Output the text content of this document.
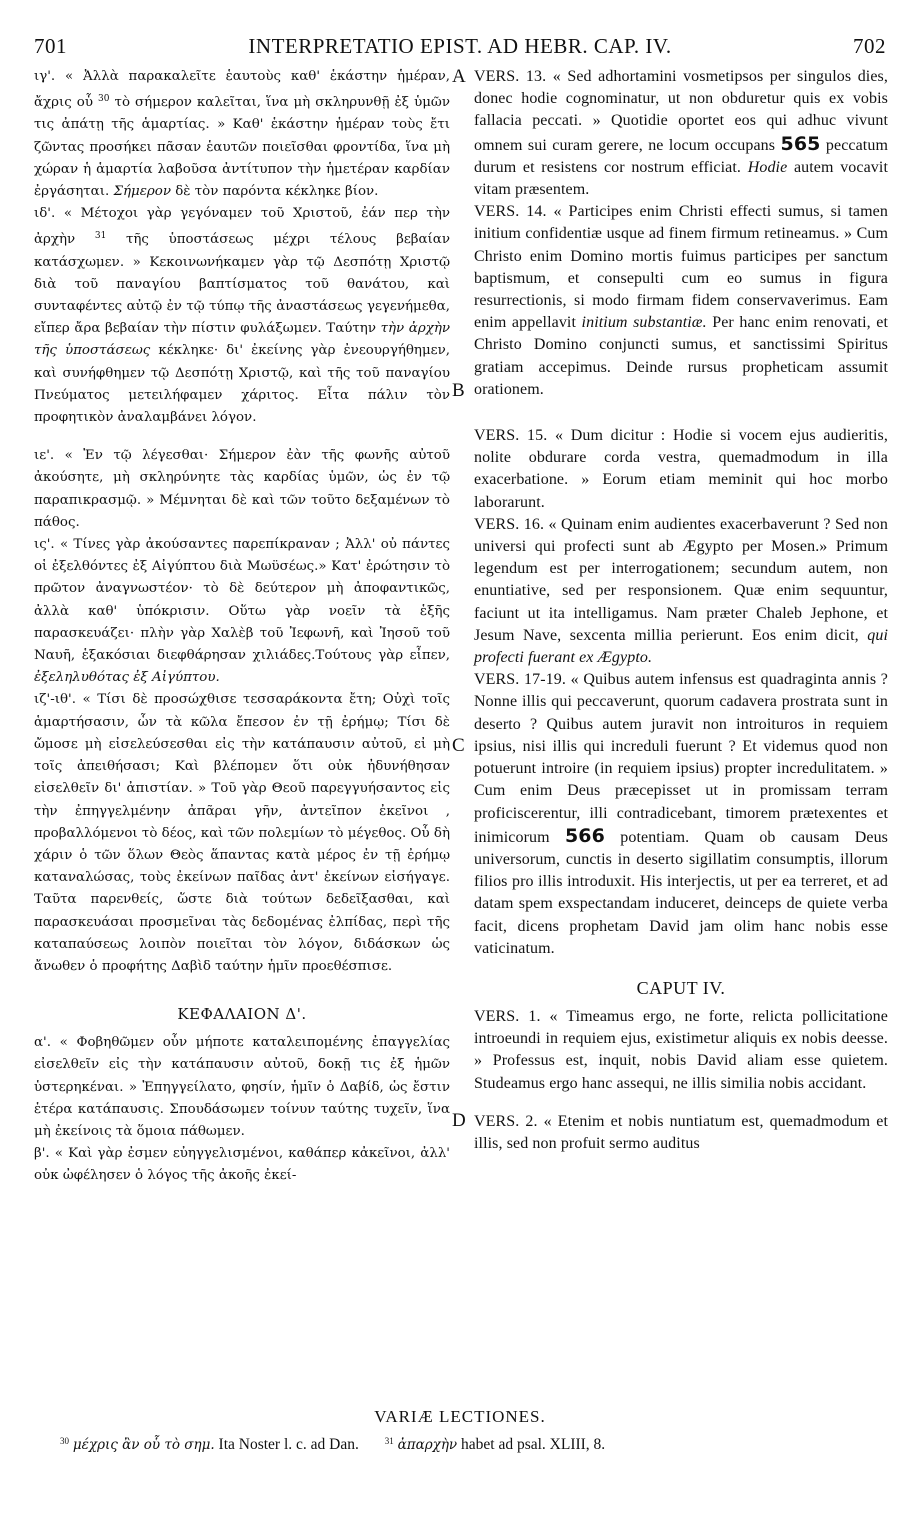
701	INTERPRETATIO EPIST. AD HEBR. CAP. IV.	702

ιγ'. « Ἀλλὰ παρακαλεῖτε ἑαυτοὺς καθ' ἑκάστην ἡμέραν, ἄχρις οὗ $^{30}$ τὸ σήμερον καλεῖται, ἵνα μὴ σκληρυνθῇ ἐξ ὑμῶν τις ἀπάτῃ τῆς ἁμαρτίας. » Καθ' ἑκάστην ἡμέραν τοὺς ἔτι ζῶντας προσήκει πᾶσαν ἑαυτῶν ποιεῖσθαι φροντίδα, ἵνα μὴ χώραν ἡ ἁμαρτία λαβοῦσα ἀντίτυπον τὴν ἡμετέραν καρδίαν ἐργάσηται. Σήμερον δὲ τὸν παρόντα κέκληκε βίον.

ιδ'. « Μέτοχοι γὰρ γεγόναμεν τοῦ Χριστοῦ, ἐάν περ τὴν ἀρχὴν $^{31}$ τῆς ὑποστάσεως μέχρι τέλους βεβαίαν κατάσχωμεν. » Κεκοινωνήκαμεν γὰρ τῷ Δεσπότῃ Χριστῷ διὰ τοῦ παναγίου βαπτίσματος τοῦ θανάτου, καὶ συνταφέντες αὐτῷ ἐν τῷ τύπῳ τῆς ἀναστάσεως γεγενήμεθα, εἴπερ ἄρα βεβαίαν τὴν πίστιν φυλάξωμεν. Ταύτην τὴν ἀρχὴν τῆς ὑποστάσεως κέκληκε· δι' ἐκείνης γὰρ ἐνεουργήθημεν, καὶ συνήφθημεν τῷ Δεσπότῃ Χριστῷ, καὶ τῆς τοῦ παναγίου Πνεύματος μετειλήφαμεν χάριτος. Εἶτα πάλιν τὸν προφητικὸν ἀναλαμβάνει λόγον.

ιε'. « Ἐν τῷ λέγεσθαι· Σήμερον ἐὰν τῆς φωνῆς αὐτοῦ ἀκούσητε, μὴ σκληρύνητε τὰς καρδίας ὑμῶν, ὡς ἐν τῷ παραπικρασμῷ. » Μέμνηται δὲ καὶ τῶν τοῦτο δεξαμένων τὸ πάθος.

ις'. « Τίνες γὰρ ἀκούσαντες παρεπίκραναν ; Ἀλλ' οὐ πάντες οἱ ἐξελθόντες ἐξ Αἰγύπτου διὰ Μωϋσέως.» Κατ' ἐρώτησιν τὸ πρῶτον ἀναγνωστέον· τὸ δὲ δεύτερον μὴ ἀποφαντικῶς, ἀλλὰ καθ' ὑπόκρισιν. Οὕτω γὰρ νοεῖν τὰ ἑξῆς παρασκευάζει· πλὴν γὰρ Χαλὲβ τοῦ Ἰεφωνῆ, καὶ Ἰησοῦ τοῦ Ναυῆ, ἑξακόσιαι διεφθάρησαν χιλιάδες.Τούτους γὰρ εἶπεν, ἐξεληλυθότας ἐξ Αἰγύπτου.

ιζ'-ιθ'. « Τίσι δὲ προσώχθισε τεσσαράκοντα ἔτη; Οὐχὶ τοῖς ἁμαρτήσασιν, ὧν τὰ κῶλα ἔπεσον ἐν τῇ ἐρήμῳ; Τίσι δὲ ὤμοσε μὴ εἰσελεύσεσθαι εἰς τὴν κατάπαυσιν αὐτοῦ, εἰ μὴ τοῖς ἀπειθήσασι; Καὶ βλέπομεν ὅτι οὐκ ἠδυνήθησαν εἰσελθεῖν δι' ἀπιστίαν. » Τοῦ γὰρ Θεοῦ παρεγγυήσαντος εἰς τὴν ἐπηγγελμένην ἀπᾶραι γῆν, ἀντεῖπον ἐκεῖνοι , προβαλλόμενοι τὸ δέος, καὶ τῶν πολεμίων τὸ μέγεθος. Οὗ δὴ χάριν ὁ τῶν ὅλων Θεὸς ἅπαντας κατὰ μέρος ἐν τῇ ἐρήμῳ καταναλώσας, τοὺς ἐκείνων παῖδας ἀντ' ἐκείνων εἰσήγαγε. Ταῦτα παρενθείς, ὥστε διὰ τούτων δεδεῖξασθαι, καὶ παρασκευάσαι προσμεῖναι τὰς δεδομένας ἐλπίδας, περὶ τῆς καταπαύσεως λοιπὸν ποιεῖται τὸν λόγον, διδάσκων ὡς ἄνωθεν ὁ προφήτης Δαβὶδ ταύτην ἡμῖν προεθέσπισε.

ΚΕΦΑΛΑΙΟΝ Δ'.

α'. « Φοβηθῶμεν οὖν μήποτε καταλειπομένης ἐπαγγελίας εἰσελθεῖν εἰς τὴν κατάπαυσιν αὐτοῦ, δοκῇ τις ἐξ ἡμῶν ὑστερηκέναι. » Ἐπηγγείλατο, φησίν, ἡμῖν ὁ Δαβίδ, ὡς ἔστιν ἑτέρα κατάπαυσις. Σπουδάσωμεν τοίνυν ταύτης τυχεῖν, ἵνα μὴ ἐκείνοις τὰ ὅμοια πάθωμεν.

β'. « Καὶ γὰρ ἐσμεν εὐηγγελισμένοι, καθάπερ κἀκεῖνοι, ἀλλ' οὐκ ὠφέλησεν ὁ λόγος τῆς ἀκοῆς ἐκεί-

A
B
C
D

VERS. 13. « Sed adhortamini vosmetipsos per singulos dies, donec hodie cognominatur, ut non obduretur quis ex vobis fallacia peccati. » Quotidie oportet eos qui adhuc vivunt omnem sui curam gerere, ne locum occupans 565 peccatum durum et resistens cor nostrum efficiat. Hodie autem vocavit vitam præsentem.

VERS. 14. « Participes enim Christi effecti sumus, si tamen initium confidentiæ usque ad finem firmum retineamus. » Cum Christo enim Domino mortis fuimus participes per sanctum baptismum, et consepulti cum eo sumus in figura resurrectionis, si modo firmam fidem conservaverimus. Eam enim appellavit initium substantiæ. Per hanc enim renovati, et Christo Domino conjuncti sumus, et sanctissimi Spiritus gratiam accepimus. Deinde rursus propheticam assumit orationem.

VERS. 15. « Dum dicitur : Hodie si vocem ejus audieritis, nolite obdurare corda vestra, quemadmodum in illa exacerbatione. » Eorum etiam meminit qui hoc morbo laborarunt.

VERS. 16. « Quinam enim audientes exacerbaverunt ? Sed non universi qui profecti sunt ab Ægypto per Mosen.» Primum legendum est per interrogationem; secundum autem, non enuntiative, sed per responsionem. Quæ enim sequuntur, faciunt ut ita intelligamus. Nam præter Chaleb Jephone, et Jesum Nave, sexcenta millia perierunt. Eos enim dicit, qui profecti fuerant ex Ægypto.

VERS. 17-19. « Quibus autem infensus est quadraginta annis ? Nonne illis qui peccaverunt, quorum cadavera prostrata sunt in deserto ? Quibus autem juravit non introituros in requiem ipsius, nisi illis qui increduli fuerunt ? Et videmus quod non potuerunt introire (in requiem ipsius) propter incredulitatem. » Cum enim Deus præcepisset ut in promissam terram proficiscerentur, illi contradicebant, timorem prætexentes et inimicorum 566 potentiam. Quam ob causam Deus universorum, cunctis in deserto sigillatim consumptis, illorum filios pro illis introduxit. His interjectis, ut per ea terreret, et ad datam spem exspectandam induceret, deinceps de quiete verba facit, dicens prophetam David jam olim hanc nobis esse vaticinatum.

CAPUT IV.

VERS. 1. « Timeamus ergo, ne forte, relicta pollicitatione introeundi in requiem ejus, existimetur aliquis ex nobis deesse. » Professus est, inquit, nobis David aliam esse quietem. Studeamus ergo hanc assequi, ne illis similia nobis accidant.

VERS. 2. « Etenim et nobis nuntiatum est, quemadmodum et illis, sed non profuit sermo auditus

VARIÆ LECTIONES.
$^{30}$ μέχρις ἂν οὗ τὸ σημ. Ita Noster l. c. ad Dan.	$^{31}$ ἀπαρχὴν habet ad psal. XLIII, 8.
